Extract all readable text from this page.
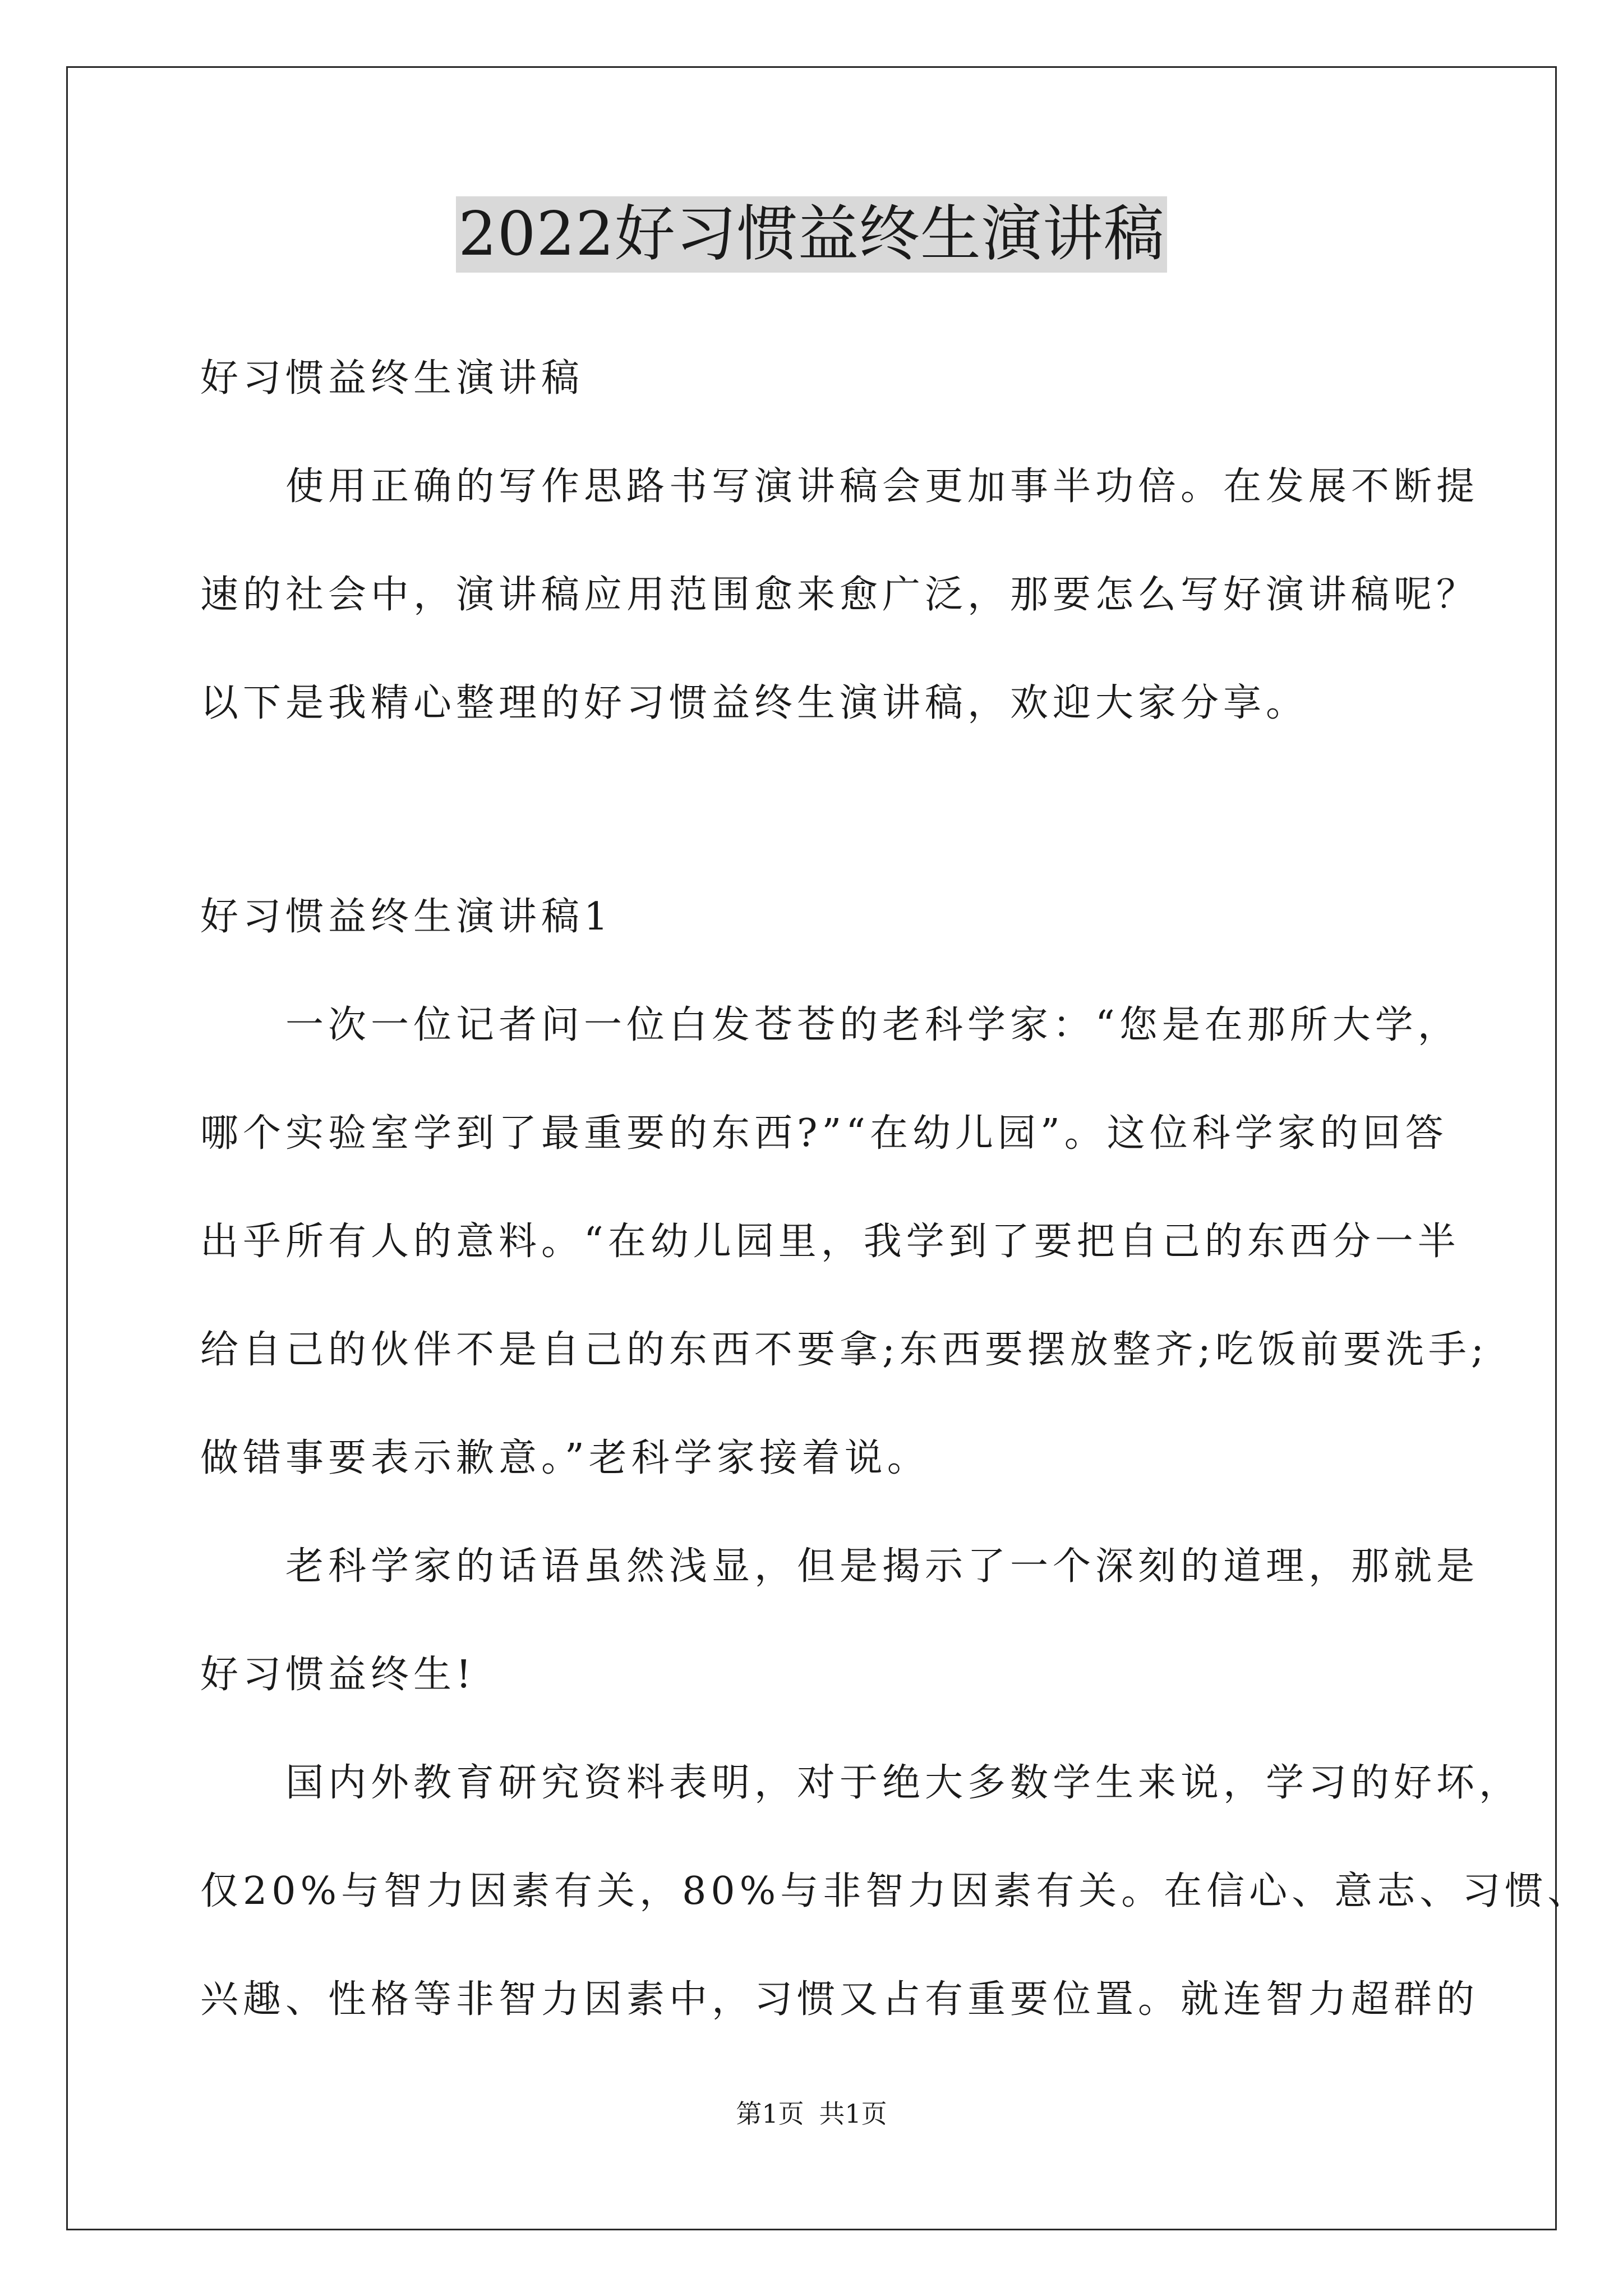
2022好习惯益终生演讲稿
好习惯益终生演讲稿
　　使用正确的写作思路书写演讲稿会更加事半功倍。在发展不断提
速的社会中，演讲稿应用范围愈来愈广泛，那要怎么写好演讲稿呢？
以下是我精心整理的好习惯益终生演讲稿，欢迎大家分享。
好习惯益终生演讲稿1
　　一次一位记者问一位白发苍苍的老科学家：“您是在那所大学，
哪个实验室学到了最重要的东西?”“在幼儿园”。这位科学家的回答
出乎所有人的意料。“在幼儿园里，我学到了要把自己的东西分一半
给自己的伙伴不是自己的东西不要拿;东西要摆放整齐;吃饭前要洗手;
做错事要表示歉意。”老科学家接着说。
　　老科学家的话语虽然浅显，但是揭示了一个深刻的道理，那就是
好习惯益终生!
　　国内外教育研究资料表明，对于绝大多数学生来说，学习的好坏，
仅20%与智力因素有关，80%与非智力因素有关。在信心、意志、习惯、
兴趣、性格等非智力因素中，习惯又占有重要位置。就连智力超群的
第1页 共1页
